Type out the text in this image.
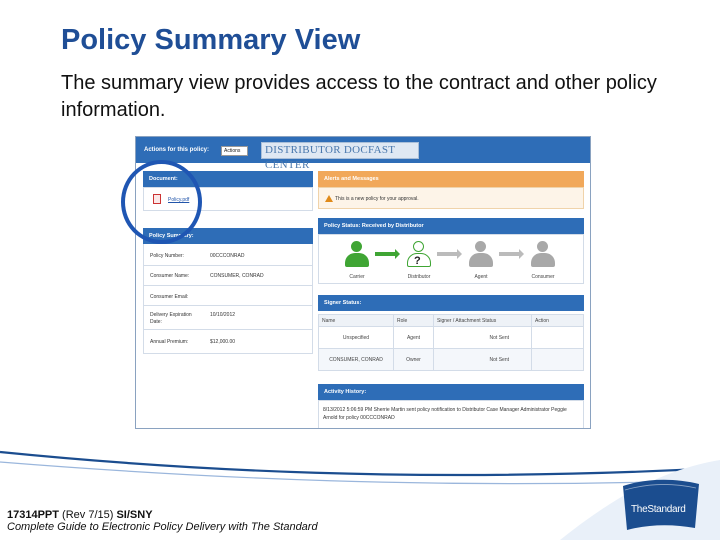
Policy Summary View
The summary view provides access to the contract and other policy information.
Actions for this policy:	Actions	DISTRIBUTOR DOCFAST CENTER
Document:
Policy.pdf
Policy Summary:
Policy Number:	00CCCONRAD
Consumer Name:	CONSUMER, CONRAD
Consumer Email:
Delivery Expiration Date:
10/10/2012
Annual Premium:	$12,000.00
Alerts and Messages
This is a new policy for your approval.
Policy Status: Received by Distributor
?
Carrier	Distributor	Agent	Consumer
Signer Status:
Name	Role	Signer / Attachment Status	Action
Unspecified	Agent	Not Sent	
CONSUMER, CONRAD	Owner	Not Sent	
Activity History:
8/13/2012 5:06:59 PM Sherrie Martin sent policy notification to Distributor Case Manager Administrator Peggie Arnold for policy 00CCCONRAD
17314PPT (Rev 7/15) SI/SNY
Complete Guide to Electronic Policy Delivery with The Standard
TheStandard
